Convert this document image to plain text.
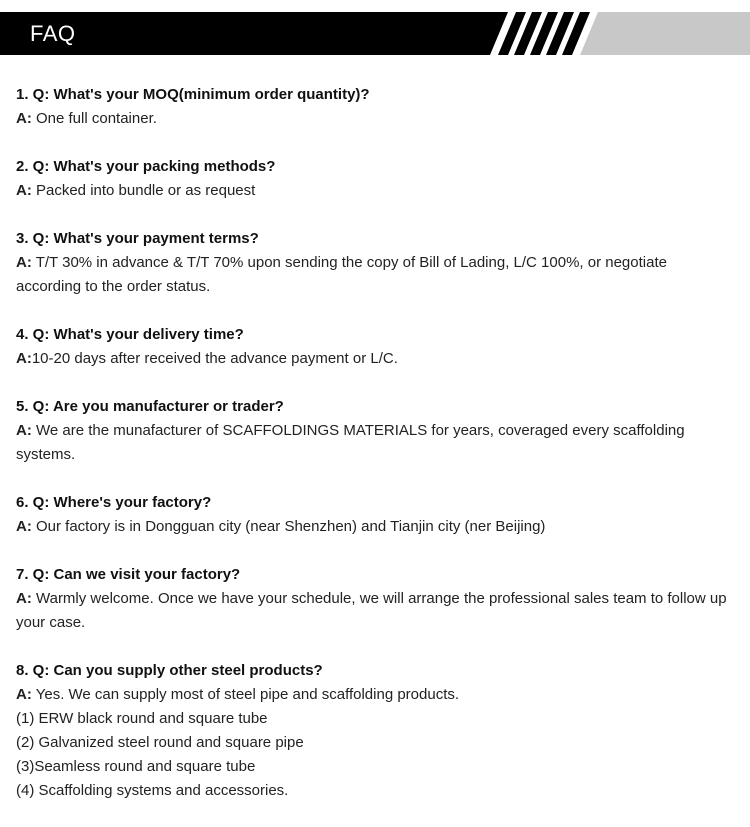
FAQ
1. Q: What's your MOQ(minimum order quantity)?
A: One full container.
2. Q: What's your packing methods?
A: Packed into bundle or as request
3. Q: What's your payment terms?
A: T/T 30% in advance & T/T 70% upon sending the copy of Bill of Lading, L/C 100%, or negotiate according to the order status.
4. Q: What's your delivery time?
A:10-20 days after received the advance payment or L/C.
5. Q: Are you manufacturer or trader?
A: We are the munafacturer of SCAFFOLDINGS MATERIALS for years, coveraged every scaffolding systems.
6. Q: Where's your factory?
A: Our factory is in Dongguan city (near Shenzhen) and Tianjin city (ner Beijing)
7. Q: Can we visit your factory?
A: Warmly welcome. Once we have your schedule, we will arrange the professional sales team to follow up your case.
8. Q: Can you supply other steel products?
A: Yes. We can supply most of steel pipe and scaffolding products.
(1) ERW black round and square tube
(2) Galvanized steel round and square pipe
(3)Seamless round and square tube
(4) Scaffolding systems and accessories.
